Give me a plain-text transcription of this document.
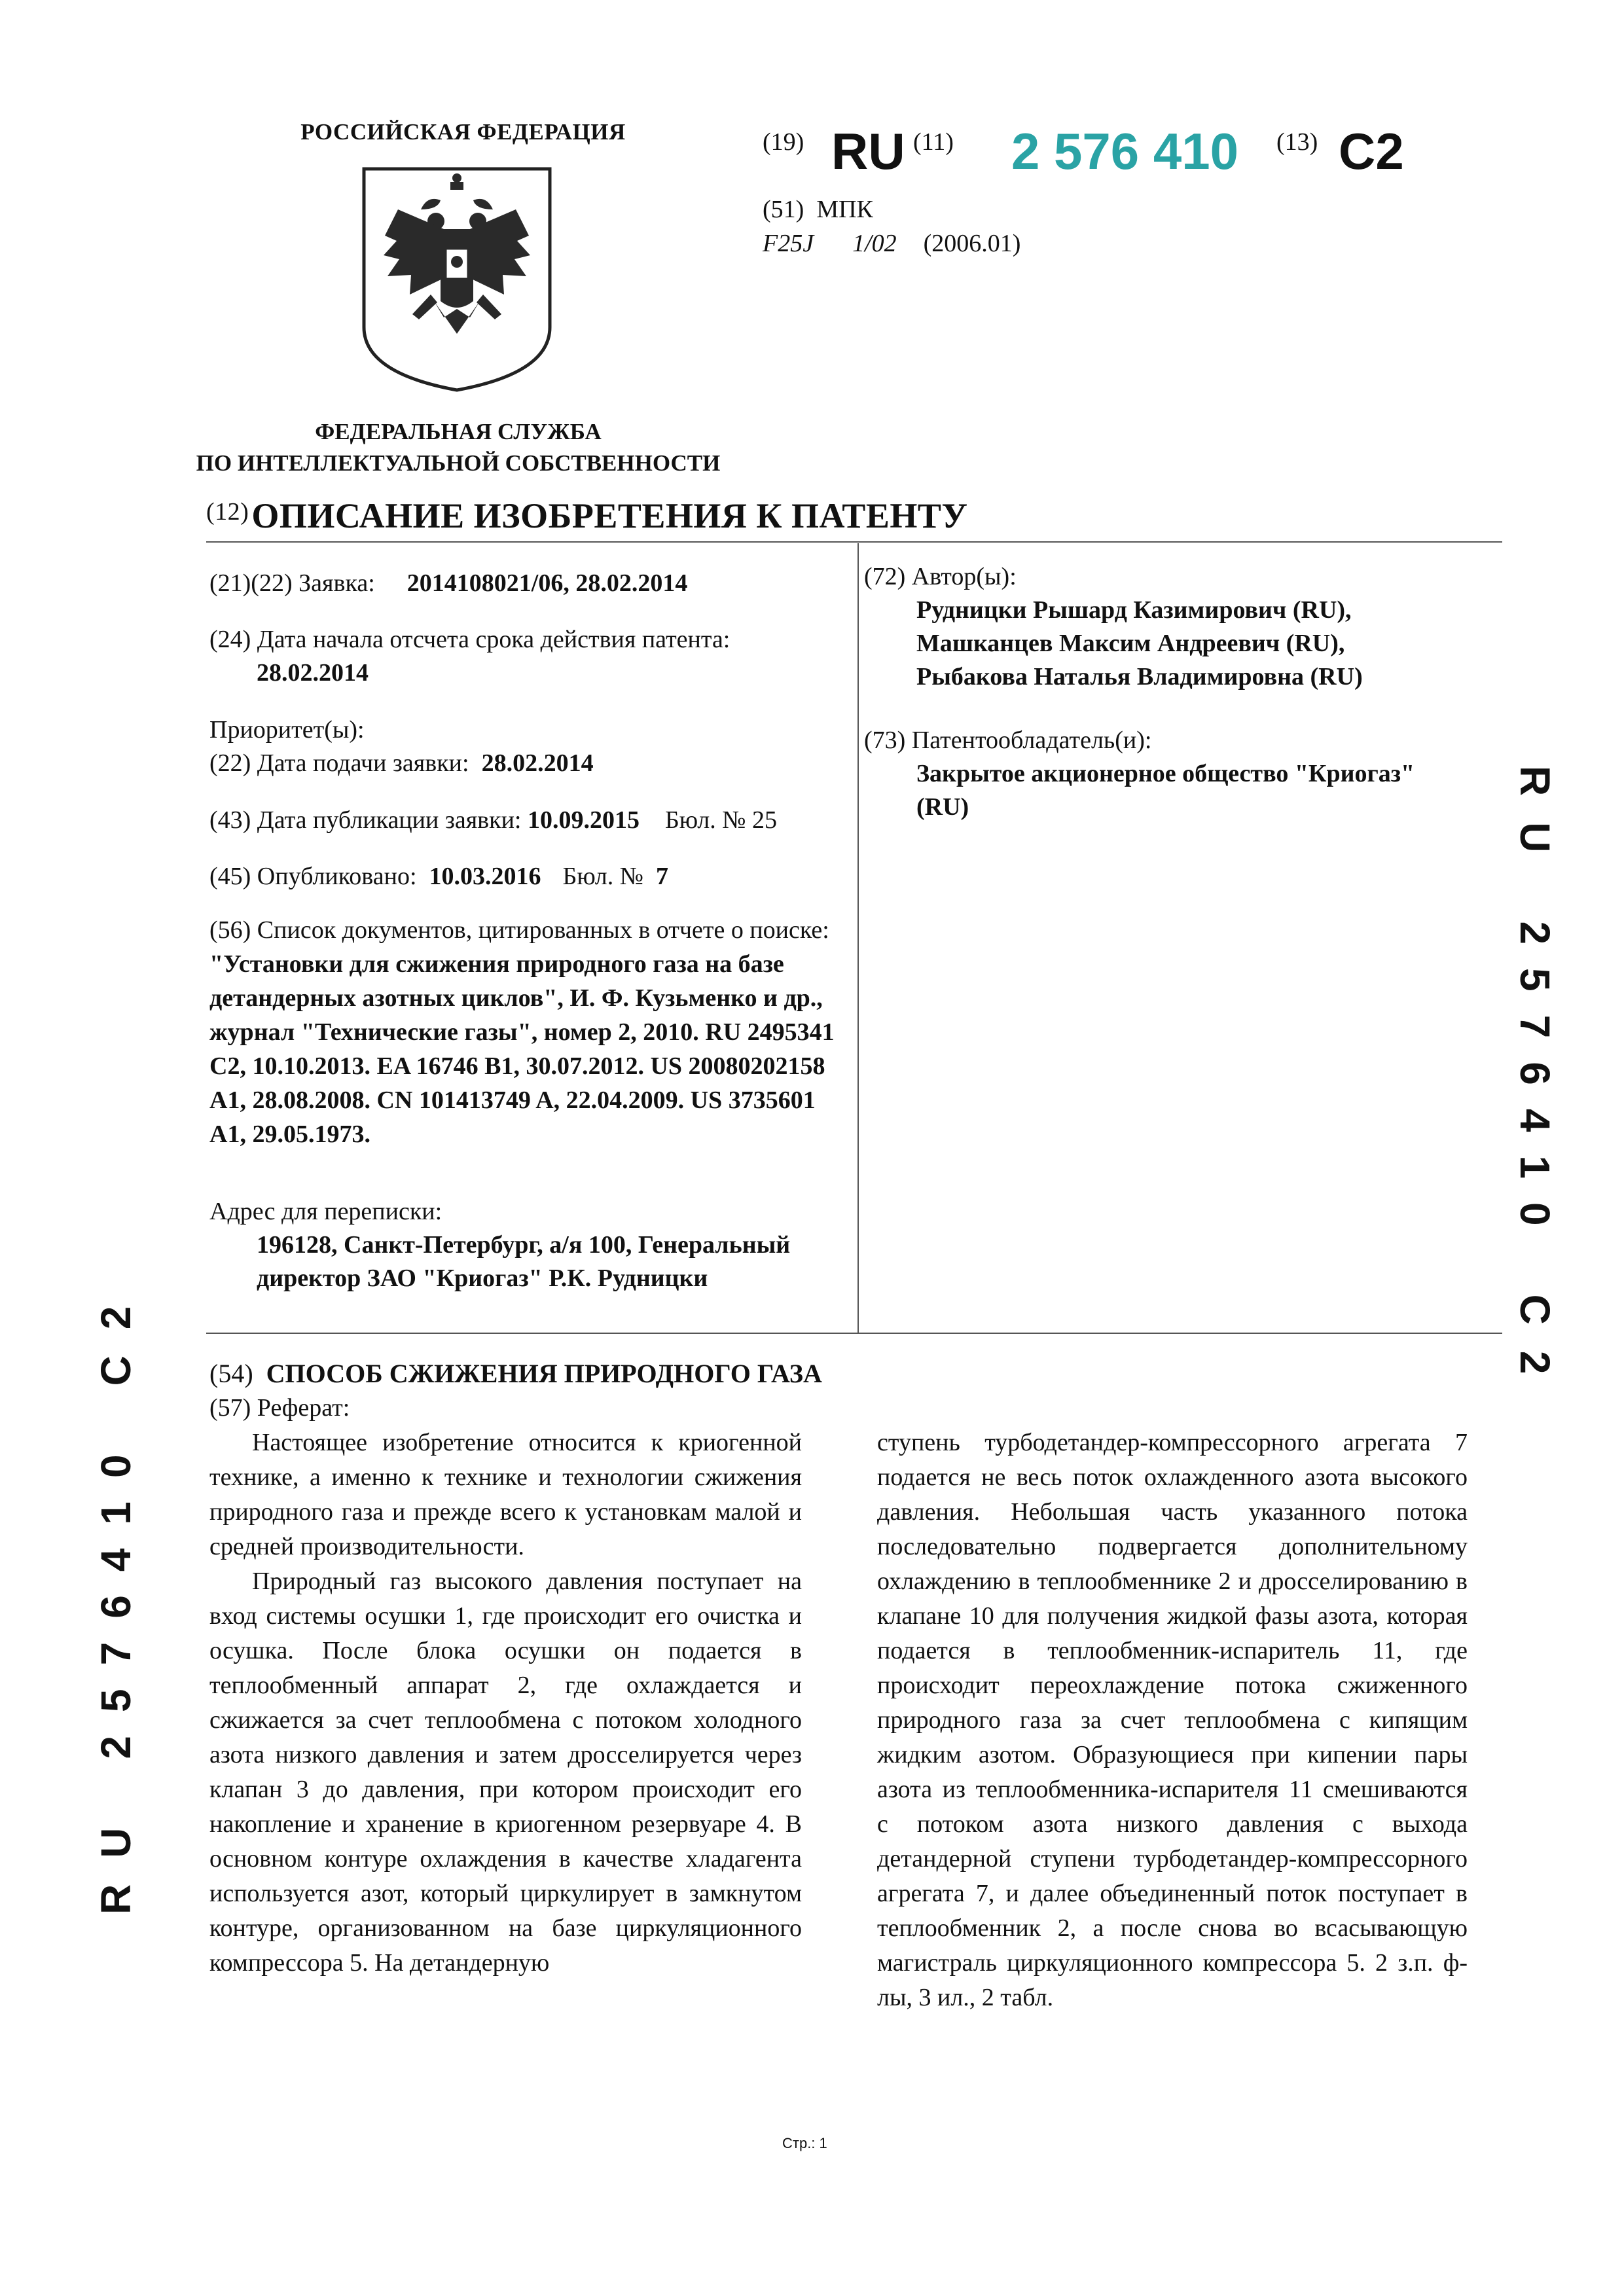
РОССИЙСКАЯ ФЕДЕРАЦИЯ
ФЕДЕРАЛЬНАЯ СЛУЖБА
ПО ИНТЕЛЛЕКТУАЛЬНОЙ СОБСТВЕННОСТИ
(19) RU (11) 2 576 410 (13) C2
(51) МПК
F25J 1/02 (2006.01)
$^{(12)}$ОПИСАНИЕ ИЗОБРЕТЕНИЯ К ПАТЕНТУ
(21)(22) Заявка: 2014108021/06, 28.02.2014
(24) Дата начала отсчета срока действия патента:
28.02.2014
Приоритет(ы):
(22) Дата подачи заявки: 28.02.2014
(43) Дата публикации заявки: 10.09.2015 Бюл. № 25
(45) Опубликовано: 10.03.2016 Бюл. № 7
(56) Список документов, цитированных в отчете о поиске: "Установки для сжижения природного газа на базе детандерных азотных циклов", И. Ф. Кузьменко и др., журнал "Технические газы", номер 2, 2010. RU 2495341 C2, 10.10.2013. EA 16746 B1, 30.07.2012. US 20080202158 A1, 28.08.2008. CN 101413749 A, 22.04.2009. US 3735601 A1, 29.05.1973.
Адрес для переписки:
196128, Санкт-Петербург, а/я 100, Генеральный
директор ЗАО "Криогаз" Р.К. Рудницки
(72) Автор(ы):
Рудницки Рышард Казимирович (RU),
Машканцев Максим Андреевич (RU),
Рыбакова Наталья Владимировна (RU)
(73) Патентообладатель(и):
Закрытое акционерное общество "Криогаз"
(RU)
RU2576410C2
RU2576410C2
(54) СПОСОБ СЖИЖЕНИЯ ПРИРОДНОГО ГАЗА
(57) Реферат:

Настоящее изобретение относится к криогенной технике, а именно к технике и технологии сжижения природного газа и прежде всего к установкам малой и средней производительности.

Природный газ высокого давления поступает на вход системы осушки 1, где происходит его очистка и осушка. После блока осушки он подается в теплообменный аппарат 2, где охлаждается и сжижается за счет теплообмена с потоком холодного азота низкого давления и затем дросселируется через клапан 3 до давления, при котором происходит его накопление и хранение в криогенном резервуаре 4. В основном контуре охлаждения в качестве хладагента используется азот, который циркулирует в замкнутом контуре, организованном на базе циркуляционного компрессора 5. На детандерную

ступень турбодетандер-компрессорного агрегата 7 подается не весь поток охлажденного азота высокого давления. Небольшая часть указанного потока последовательно подвергается дополнительному охлаждению в теплообменнике 2 и дросселированию в клапане 10 для получения жидкой фазы азота, которая подается в теплообменник-испаритель 11, где происходит переохлаждение потока сжиженного природного газа за счет теплообмена с кипящим жидким азотом. Образующиеся при кипении пары азота из теплообменника-испарителя 11 смешиваются с потоком азота низкого давления с выхода детандерной ступени турбодетандер-компрессорного агрегата 7, и далее объединенный поток поступает в теплообменник 2, а после снова во всасывающую магистраль циркуляционного компрессора 5. 2 з.п. ф-лы, 3 ил., 2 табл.

Стр.: 1
